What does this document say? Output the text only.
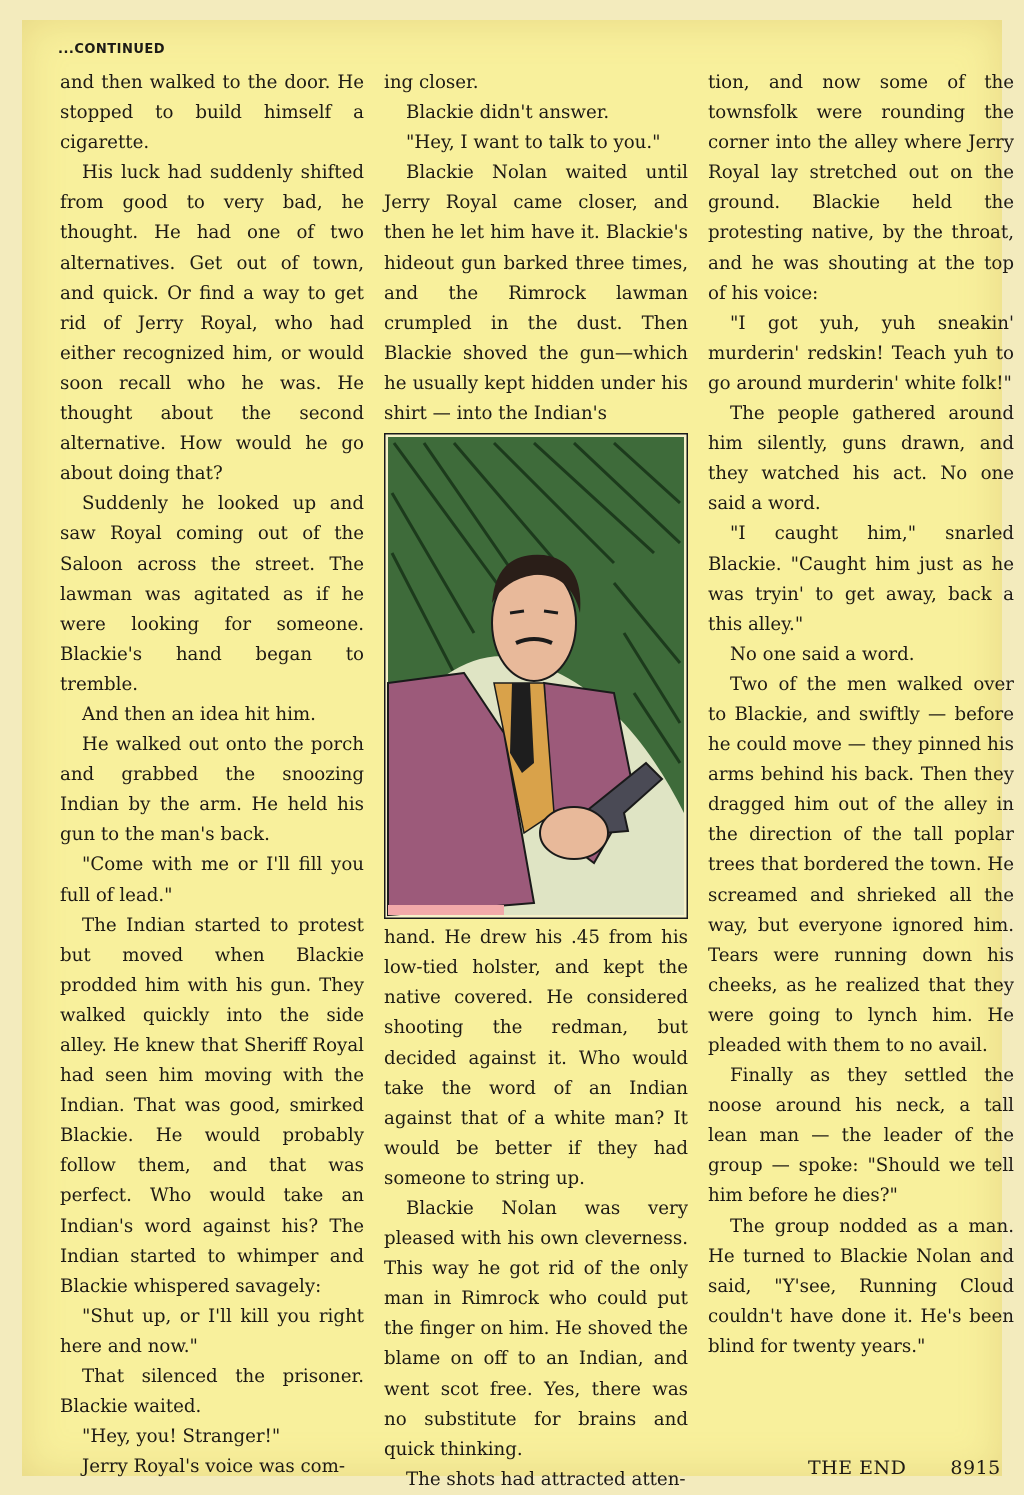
...CONTINUED

and then walked to the door. He stopped to build himself a cigarette.

His luck had suddenly shifted from good to very bad, he thought. He had one of two alternatives. Get out of town, and quick. Or find a way to get rid of Jerry Royal, who had either recognized him, or would soon recall who he was. He thought about the second alternative. How would he go about doing that?

Suddenly he looked up and saw Royal coming out of the Saloon across the street. The lawman was agitated as if he were looking for someone. Blackie's hand began to tremble.

And then an idea hit him.

He walked out onto the porch and grabbed the snoozing Indian by the arm. He held his gun to the man's back.

"Come with me or I'll fill you full of lead."

The Indian started to protest but moved when Blackie prodded him with his gun. They walked quickly into the side alley. He knew that Sheriff Royal had seen him moving with the Indian. That was good, smirked Blackie. He would probably follow them, and that was perfect. Who would take an Indian's word against his? The Indian started to whimper and Blackie whispered savagely:

"Shut up, or I'll kill you right here and now."

That silenced the prisoner. Blackie waited.

"Hey, you! Stranger!"

Jerry Royal's voice was com-

ing closer.

Blackie didn't answer.

"Hey, I want to talk to you."

Blackie Nolan waited until Jerry Royal came closer, and then he let him have it. Blackie's hideout gun barked three times, and the Rimrock lawman crumpled in the dust. Then Blackie shoved the gun—which he usually kept hidden under his shirt — into the Indian's

hand. He drew his .45 from his low-tied holster, and kept the native covered. He considered shooting the redman, but decided against it. Who would take the word of an Indian against that of a white man? It would be better if they had someone to string up.

Blackie Nolan was very pleased with his own cleverness. This way he got rid of the only man in Rimrock who could put the finger on him. He shoved the blame on off to an Indian, and went scot free. Yes, there was no substitute for brains and quick thinking.

The shots had attracted atten-

tion, and now some of the townsfolk were rounding the corner into the alley where Jerry Royal lay stretched out on the ground. Blackie held the protesting native, by the throat, and he was shouting at the top of his voice:

"I got yuh, yuh sneakin' murderin' redskin! Teach yuh to go around murderin' white folk!"

The people gathered around him silently, guns drawn, and they watched his act. No one said a word.

"I caught him," snarled Blackie. "Caught him just as he was tryin' to get away, back a this alley."

No one said a word.

Two of the men walked over to Blackie, and swiftly — before he could move — they pinned his arms behind his back. Then they dragged him out of the alley in the direction of the tall poplar trees that bordered the town. He screamed and shrieked all the way, but everyone ignored him. Tears were running down his cheeks, as he realized that they were going to lynch him. He pleaded with them to no avail.

Finally as they settled the noose around his neck, a tall lean man — the leader of the group — spoke: "Should we tell him before he dies?"

The group nodded as a man. He turned to Blackie Nolan and said, "Y'see, Running Cloud couldn't have done it. He's been blind for twenty years."

THE END 8915
